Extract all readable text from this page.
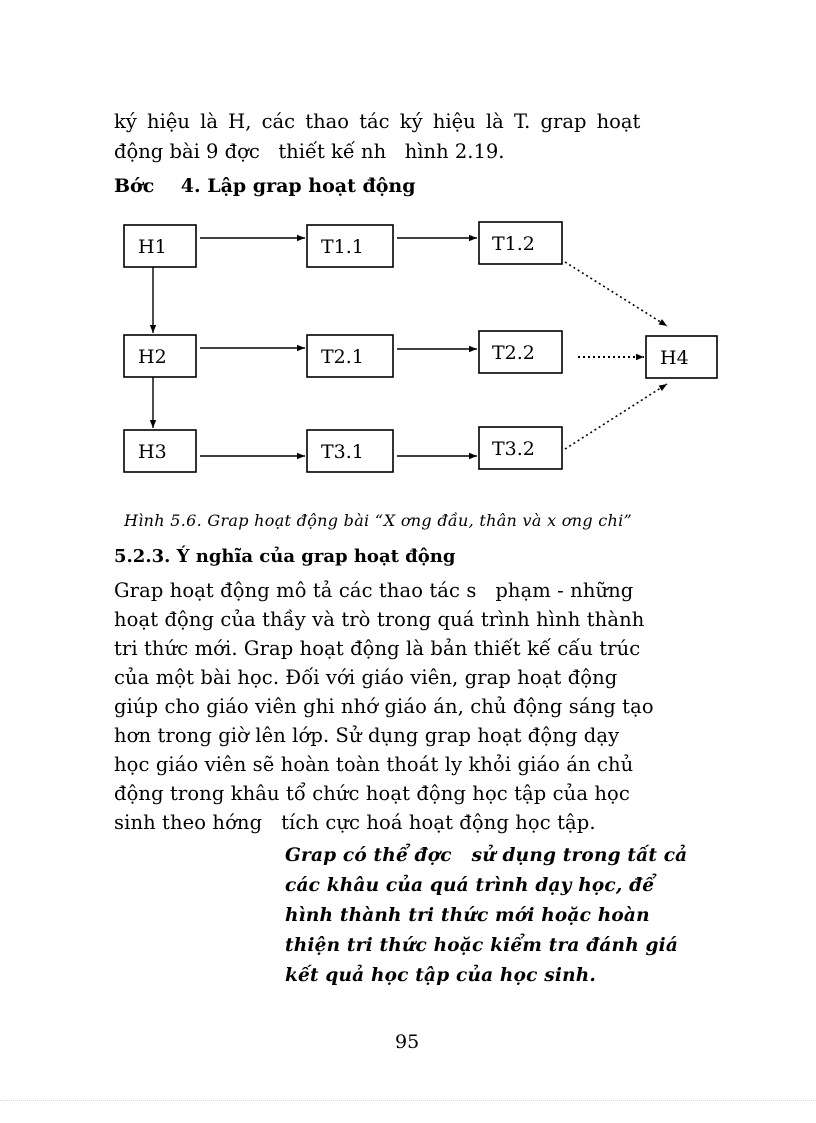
ký hiệu là H, các thao tác ký hiệu là T. grap hoạt
động bài 9 đợc   thiết kế nh   hình 2.19.
Bớc    4. Lập grap hoạt động
H1	T1.1	T1.2
H2	T2.1	T2.2
H3	T3.1	T3.2
H4
Hình 5.6. Grap hoạt động bài “X ơng đầu, thân và x ơng chi”
5.2.3. Ý nghĩa của grap hoạt động
Grap hoạt động mô tả các thao tác s   phạm - những
hoạt động của thầy và trò trong quá trình hình thành
tri thức mới. Grap hoạt động là bản thiết kế cấu trúc
của một bài học. Đối với giáo viên, grap hoạt động
giúp cho giáo viên ghi nhớ giáo án, chủ động sáng tạo
hơn trong giờ lên lớp. Sử dụng grap hoạt động dạy
học giáo viên sẽ hoàn toàn thoát ly khỏi giáo án chủ
động trong khâu tổ chức hoạt động học tập của học
sinh theo hớng   tích cực hoá hoạt động học tập.
Grap có thể đợc   sử dụng trong tất cả
các khâu của quá trình dạy học, để
hình thành tri thức mới hoặc hoàn
thiện tri thức hoặc kiểm tra đánh giá
kết quả học tập của học sinh.
95
